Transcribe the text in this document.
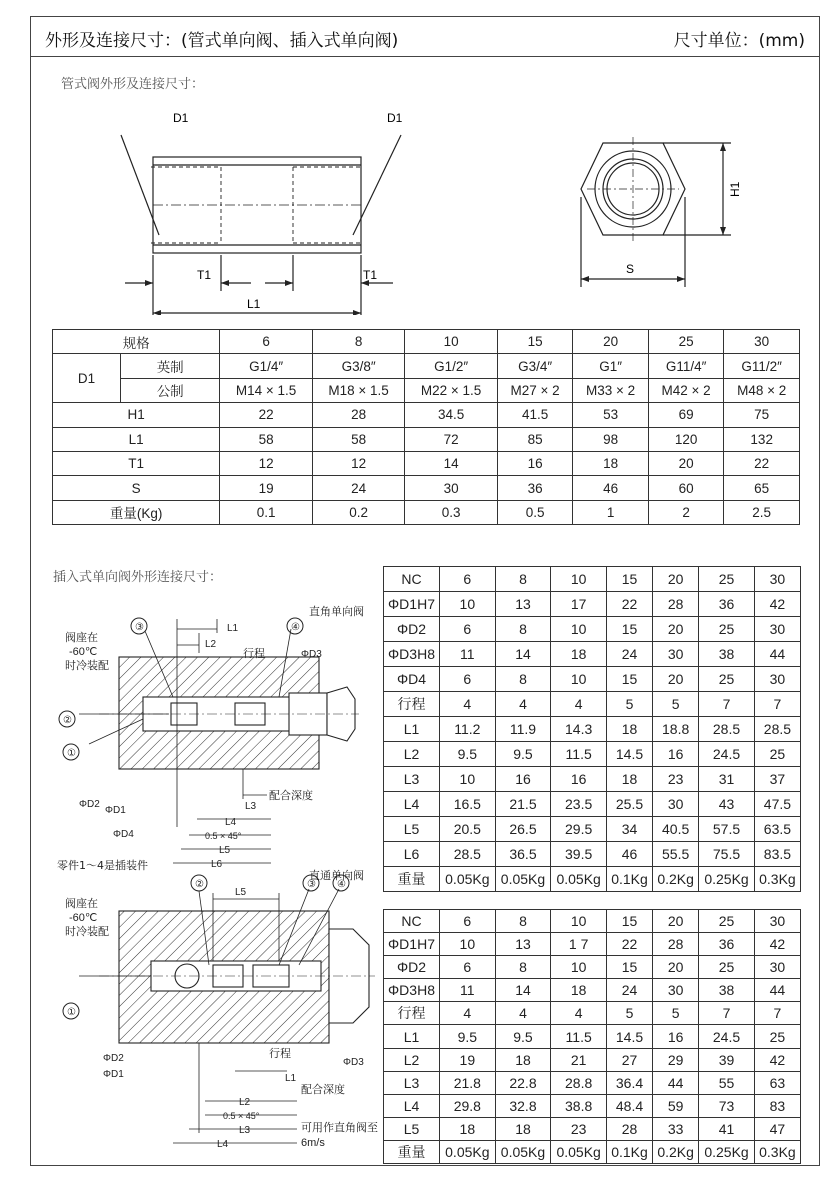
外形及连接尺寸：(管式单向阀、插入式单向阀)	尺寸单位：(mm)
管式阀外形及连接尺寸：
D1	D1
T1	T1
L1
H1
S
规格		6	8	10	15	20	25	30
D1	英制	G1/4″	G3/8″	G1/2″	G3/4″	G1″	G11/4″	G11/2″
	公制	M14 × 1.5	M18 × 1.5	M22 × 1.5	M27 × 2	M33 × 2	M42 × 2	M48 × 2
H1		22	28	34.5	41.5	53	69	75
L1		58	58	72	85	98	120	132
T1		12	12	14	16	18	20	22
S		19	24	30	36	46	60	65
重量(Kg)		0.1	0.2	0.3	0.5	1	2	2.5
插入式单向阀外形连接尺寸：
③	④
②
①
直角单向阀
阀座在
-60℃
时冷装配
L1
L2
行程	ΦD3
ΦD2
ΦD1
ΦD4
L3
配合深度
L4
0.5 × 45°
L5
L6
零件1～4是插装件
②	③ ④
①
直通单向阀
阀座在
-60℃
时冷装配
L5
ΦD2
ΦD1
行程
L1
ΦD3
L2
配合深度
0.5 × 45°
L3
L4
可用作直角阀至
6m/s
NC	6	8	10	15	20	25	30
ΦD1H7	10	13	17	22	28	36	42
ΦD2	6	8	10	15	20	25	30
ΦD3H8	11	14	18	24	30	38	44
ΦD4	6	8	10	15	20	25	30
行程	4	4	4	5	5	7	7
L1	11.2	11.9	14.3	18	18.8	28.5	28.5
L2	9.5	9.5	11.5	14.5	16	24.5	25
L3	10	16	16	18	23	31	37
L4	16.5	21.5	23.5	25.5	30	43	47.5
L5	20.5	26.5	29.5	34	40.5	57.5	63.5
L6	28.5	36.5	39.5	46	55.5	75.5	83.5
重量	0.05Kg	0.05Kg	0.05Kg	0.1Kg	0.2Kg	0.25Kg	0.3Kg
NC	6	8	10	15	20	25	30
ΦD1H7	10	13	1 7	22	28	36	42
ΦD2	6	8	10	15	20	25	30
ΦD3H8	11	14	18	24	30	38	44
行程	4	4	4	5	5	7	7
L1	9.5	9.5	11.5	14.5	16	24.5	25
L2	19	18	21	27	29	39	42
L3	21.8	22.8	28.8	36.4	44	55	63
L4	29.8	32.8	38.8	48.4	59	73	83
L5	18	18	23	28	33	41	47
重量	0.05Kg	0.05Kg	0.05Kg	0.1Kg	0.2Kg	0.25Kg	0.3Kg
